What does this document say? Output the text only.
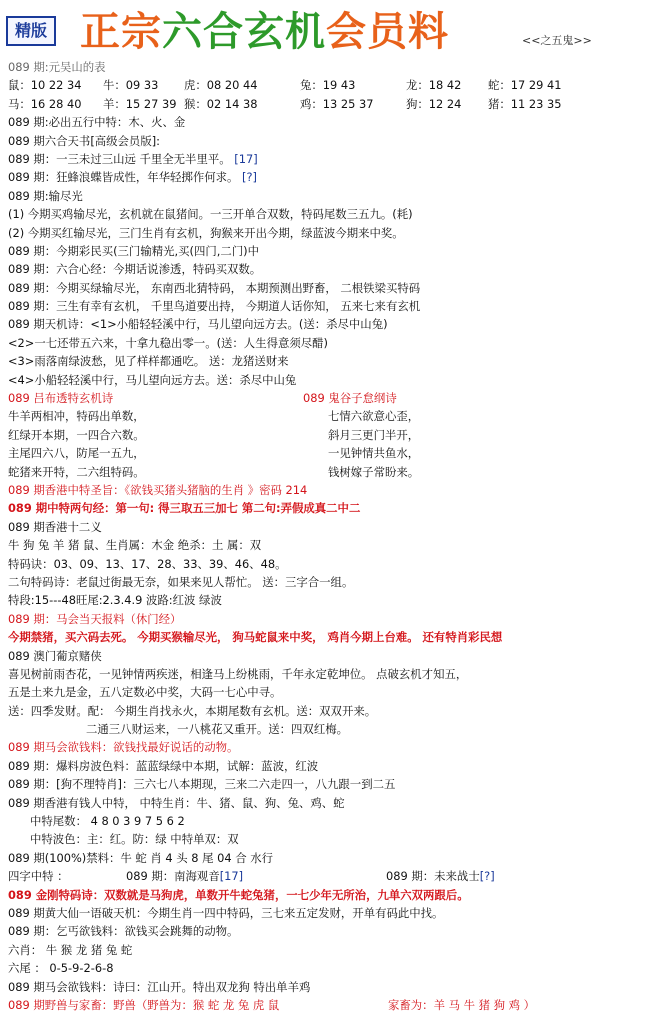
精版 正宗六合玄机会员料	<<之五鬼>>
089 期:元吴山的表
鼠：10 22 34 牛：09 33 虎：08 20 44	兔：19 43	龙：18 42 蛇：17 29 41
马：16 28 40 羊：15 27 39 猴：02 14 38	鸡：13 25 37	狗：12 24 猪：11 23 35
089 期:必出五行中特：木、火、金
089 期六合天书[高级会员版]:
089 期：一三未过三山远 千里全无半里平。 [17]
089 期：狂蜂浪蝶皆成性，年华轻掷作何求。 [?]
089 期:输尽光
(1) 今期买鸡输尽光，玄机就在鼠猪间。一三开单合双数，特码尾数三五九。(耗)
(2) 今期买红输尽光，三门生肖有玄机，狗猴来开出今期，绿蓝波今期来中奖。
089 期：今期彩民买(三门输精光,买(四门,二门)中
089 期：六合心经：今期话说渗透，特码买双数。
089 期：今期买绿输尽光， 东南西北猜特码， 本期预测出野畜， 二根铁梁买特码
089 期：三生有幸有玄机， 千里鸟道要出持， 今期道人话你知， 五来七来有玄机
089 期天机诗：<1>小船轻轻溪中行，马儿望向远方去。(送：杀尽中山兔)
<2>一七还带五六来，十拿九稳出零一。(送：人生得意须尽醋)
<3>雨落南绿波愁，见了样样都通吃。 送：龙猪送财来
<4>小船轻轻溪中行，马儿望向远方去。送：杀尽中山兔
089 吕布透特玄机诗	089 鬼谷子怠纲诗
牛羊两相冲，特码出单数，	七情六欲意心歪，
红绿开本期，一四合六数。	斜月三更门半开，
主尾四六八，防尾一五九，	一见钟情共鱼水，
蛇猪来开特，二六组特码。	钱树嫁子常盼来。
089 期香港中特圣旨：《欲钱买猪头猪脑的生肖 》密码 214
089 期中特两句经：第一句: 得三取五三加七 第二句:弄假成真二中二
089 期香港十二义
牛 狗 兔 羊 猪 鼠、生肖属：木金 绝杀：土 属：双
特码诀：03、09、13、17、28、33、39、46、48。
二句特码诗：老鼠过街最无奈，如果来见人帮忙。 送：三字合一组。
特段:15---48旺尾:2.3.4.9 波路:红波 绿波
089 期：马会当天报料（休门经）
今期禁猪，买六码去死。 今期买猴输尽光， 狗马蛇鼠来中奖， 鸡肖今期上台难。 还有特肖彩民想
089 澳门葡京赌侠
喜见树前雨杏花，一见钟情两疾迷，相逢马上纷桃雨，千年永定乾坤位。 点破玄机才知五，
五是土来九是金，五八定数必中奖，大码一七心中寻。
送：四季发财。配： 今期生肖找永火，本期尾数有玄机。送：双双开来。
二通三八财运来，一八桃花又重开。送：四双红梅。
089 期马会欲钱料：欲钱找最好说话的动物。
089 期：爆料房波色料：蓝蓝绿绿中本期，试解：蓝波，红波
089 期：[狗不理特肖]：三六七八本期现，三来二六走四一，八九跟一到二五
089 期香港有钱人中特， 中特生肖：牛、猪、鼠、狗、兔、鸡、蛇
中特尾数： 4 8 0 3 9 7 5 6 2
中特波色：主：红。防：绿 中特单双：双
089 期(100%)禁料：牛 蛇 肖 4 头 8 尾 04 合 水行
四字中特 ：	089 期：南海观音[17]	089 期：未来战士[?]
089 金刚特码诗：双数就是马狗虎，单数开牛蛇兔猪，一七少年无所治，九单六双两跟后。
089 期黄大仙一语破天机：今期生肖一四中特码，三七来五定发财，开单有码此中找。
089 期：乞丐欲钱料：欲钱买会跳舞的动物。
六肖： 牛 猴 龙 猪 兔 蛇
六尾 ： 0-5-9-2-6-8
089 期马会欲钱料：诗曰：江山开。特出双龙狗 特出单羊鸡
089 期野兽与家畜：野兽（野兽为：猴 蛇 龙 兔 虎 鼠	家畜为：羊 马 牛 猪 狗 鸡 ）
